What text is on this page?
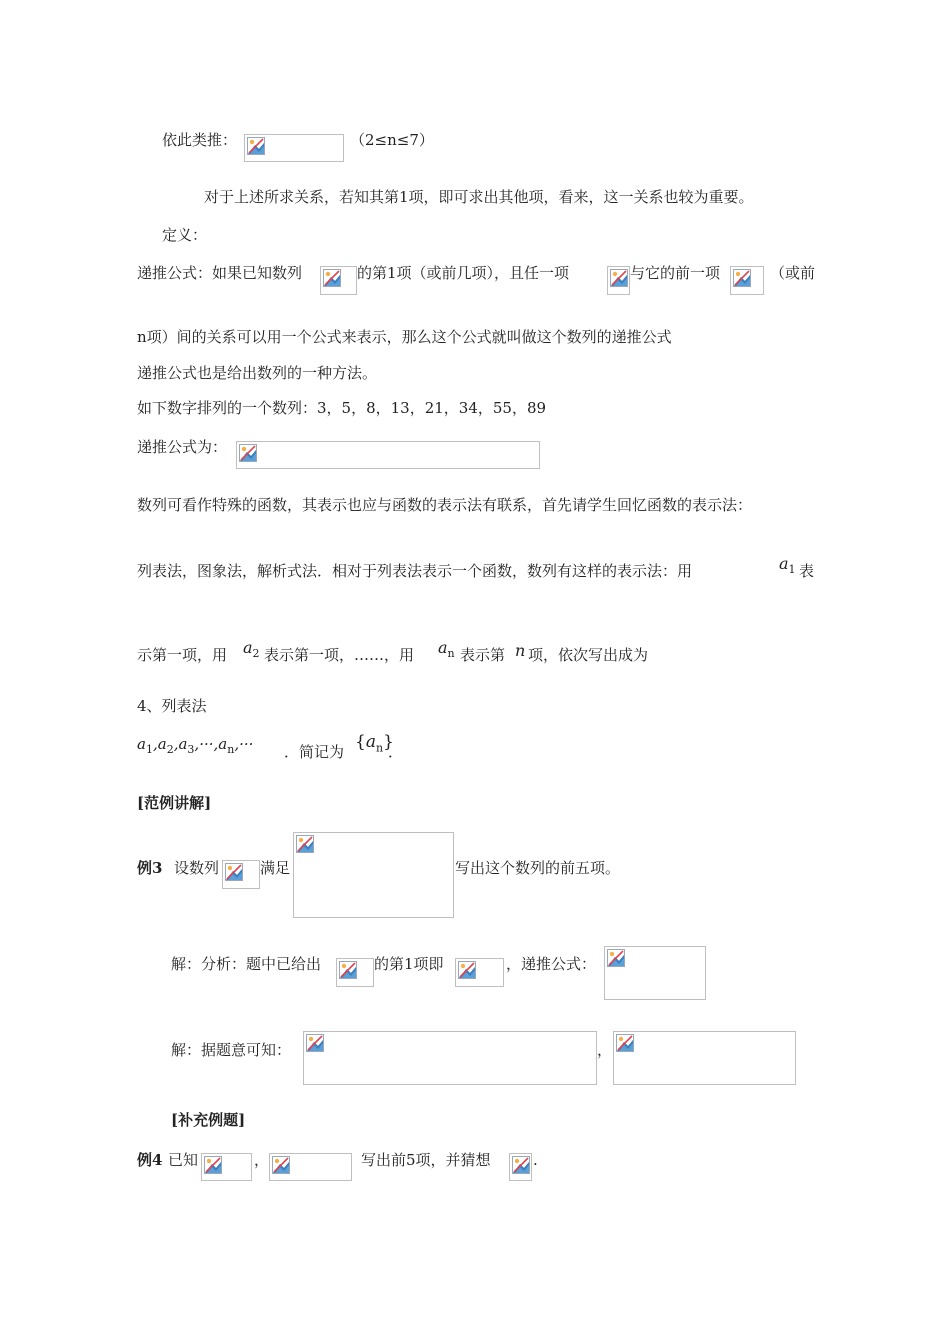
依此类推：	（2≤n≤7）
对于上述所求关系，若知其第1项，即可求出其他项，看来，这一关系也较为重要。
定义：
递推公式：如果已知数列	的第1项（或前几项），且任一项	与它的前一项	（或前
n项）间的关系可以用一个公式来表示，那么这个公式就叫做这个数列的递推公式
递推公式也是给出数列的一种方法。
如下数字排列的一个数列：3，5，8，13，21，34，55，89
递推公式为：
数列可看作特殊的函数，其表示也应与函数的表示法有联系，首先请学生回忆函数的表示法：
列表法，图象法，解析式法．相对于列表法表示一个函数，数列有这样的表示法：用	$a_1$ 表
示第一项，用 $a_2$ 表示第一项，……，用 $a_n$ 表示第 n 项，依次写出成为
4、列表法
$a_1,a_2,a_3,\cdot\cdot\cdot,a_n,\cdot\cdot\cdot$ ．简记为 $\{a_n\}$
．
[范例讲解]
例3 设数列	满足	写出这个数列的前五项。
解：分析：题中已给出	的第1项即	，递推公式：
解：据题意可知：	，
[补充例题]
例4 已知	，	写出前5项，并猜想	.
